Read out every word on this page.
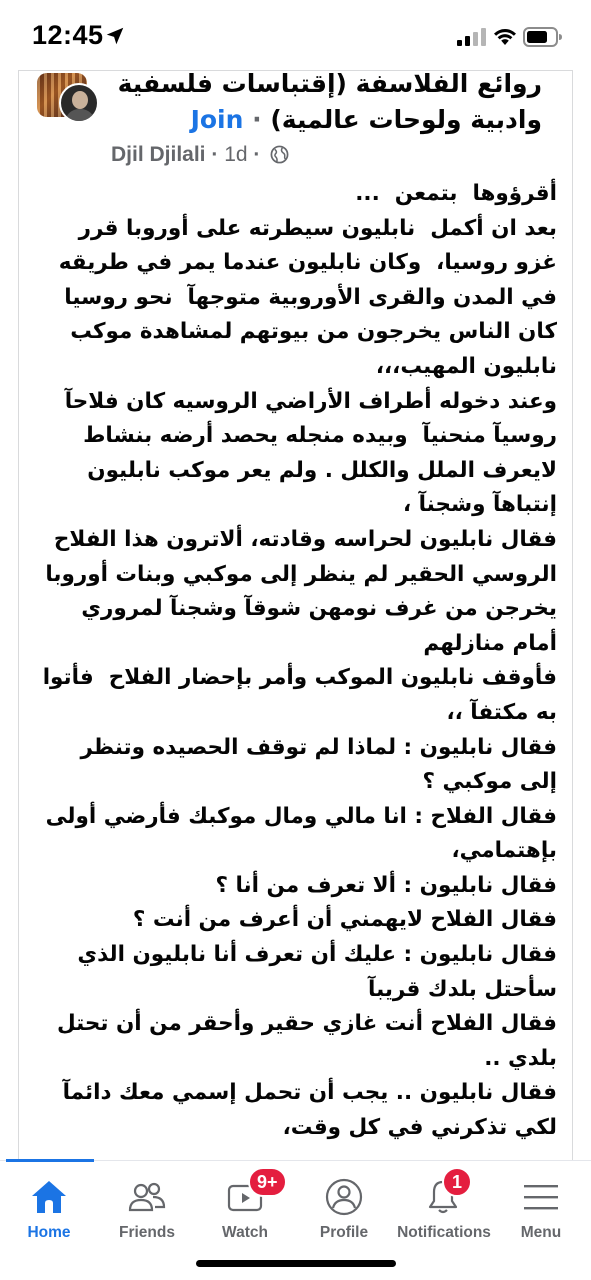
12:45
روائع الفلاسفة (إقتباسات فلسفية
وادبية ولوحات عالمية) · Join
Djil Djilali · 1d ·

أقرؤوها  بتمعن  ...

بعد ان أكمل  نابليون سيطرته على أوروبا قرر غزو روسيا،  وكان نابليون عندما يمر في طريقه في المدن والقرى الأوروبية متوجهآ  نحو روسيا كان الناس يخرجون من بيوتهم لمشاهدة موكب نابليون المهيب،،،

وعند دخوله أطراف الأراضي الروسيه كان فلاحآ روسيآ منحنيآ  وبيده منجله يحصد أرضه بنشاط لايعرف الملل والكلل . ولم يعر موكب نابليون إنتباهآ وشجنآ ،

فقال نابليون لحراسه وقادته، ألاترون هذا الفلاح الروسي الحقير لم ينظر إلى موكبي وبنات أوروبا يخرجن من غرف نومهن شوقآ وشجنآ لمروري أمام منازلهم

فأوقف نابليون الموكب وأمر بإحضار الفلاح  فأتوا به مكتفآ ،،

فقال نابليون : لماذا لم توقف الحصيده وتنظر إلى موكبي ؟

فقال الفلاح : انا مالي ومال موكبك فأرضي أولى بإهتمامي،

فقال نابليون : ألا تعرف من أنا ؟

فقال الفلاح لايهمني أن أعرف من أنت ؟

فقال نابليون : عليك أن تعرف أنا نابليون الذي سأحتل بلدك قريبآ

فقال الفلاح أنت غازي حقير وأحقر من أن تحتل بلدي ..

فقال نابليون .. يجب أن تحمل إسمي معك دائمآ لكي تذكرني في كل وقت،

Home	Friends
9+
Watch	Profile
1
Notifications	Menu
